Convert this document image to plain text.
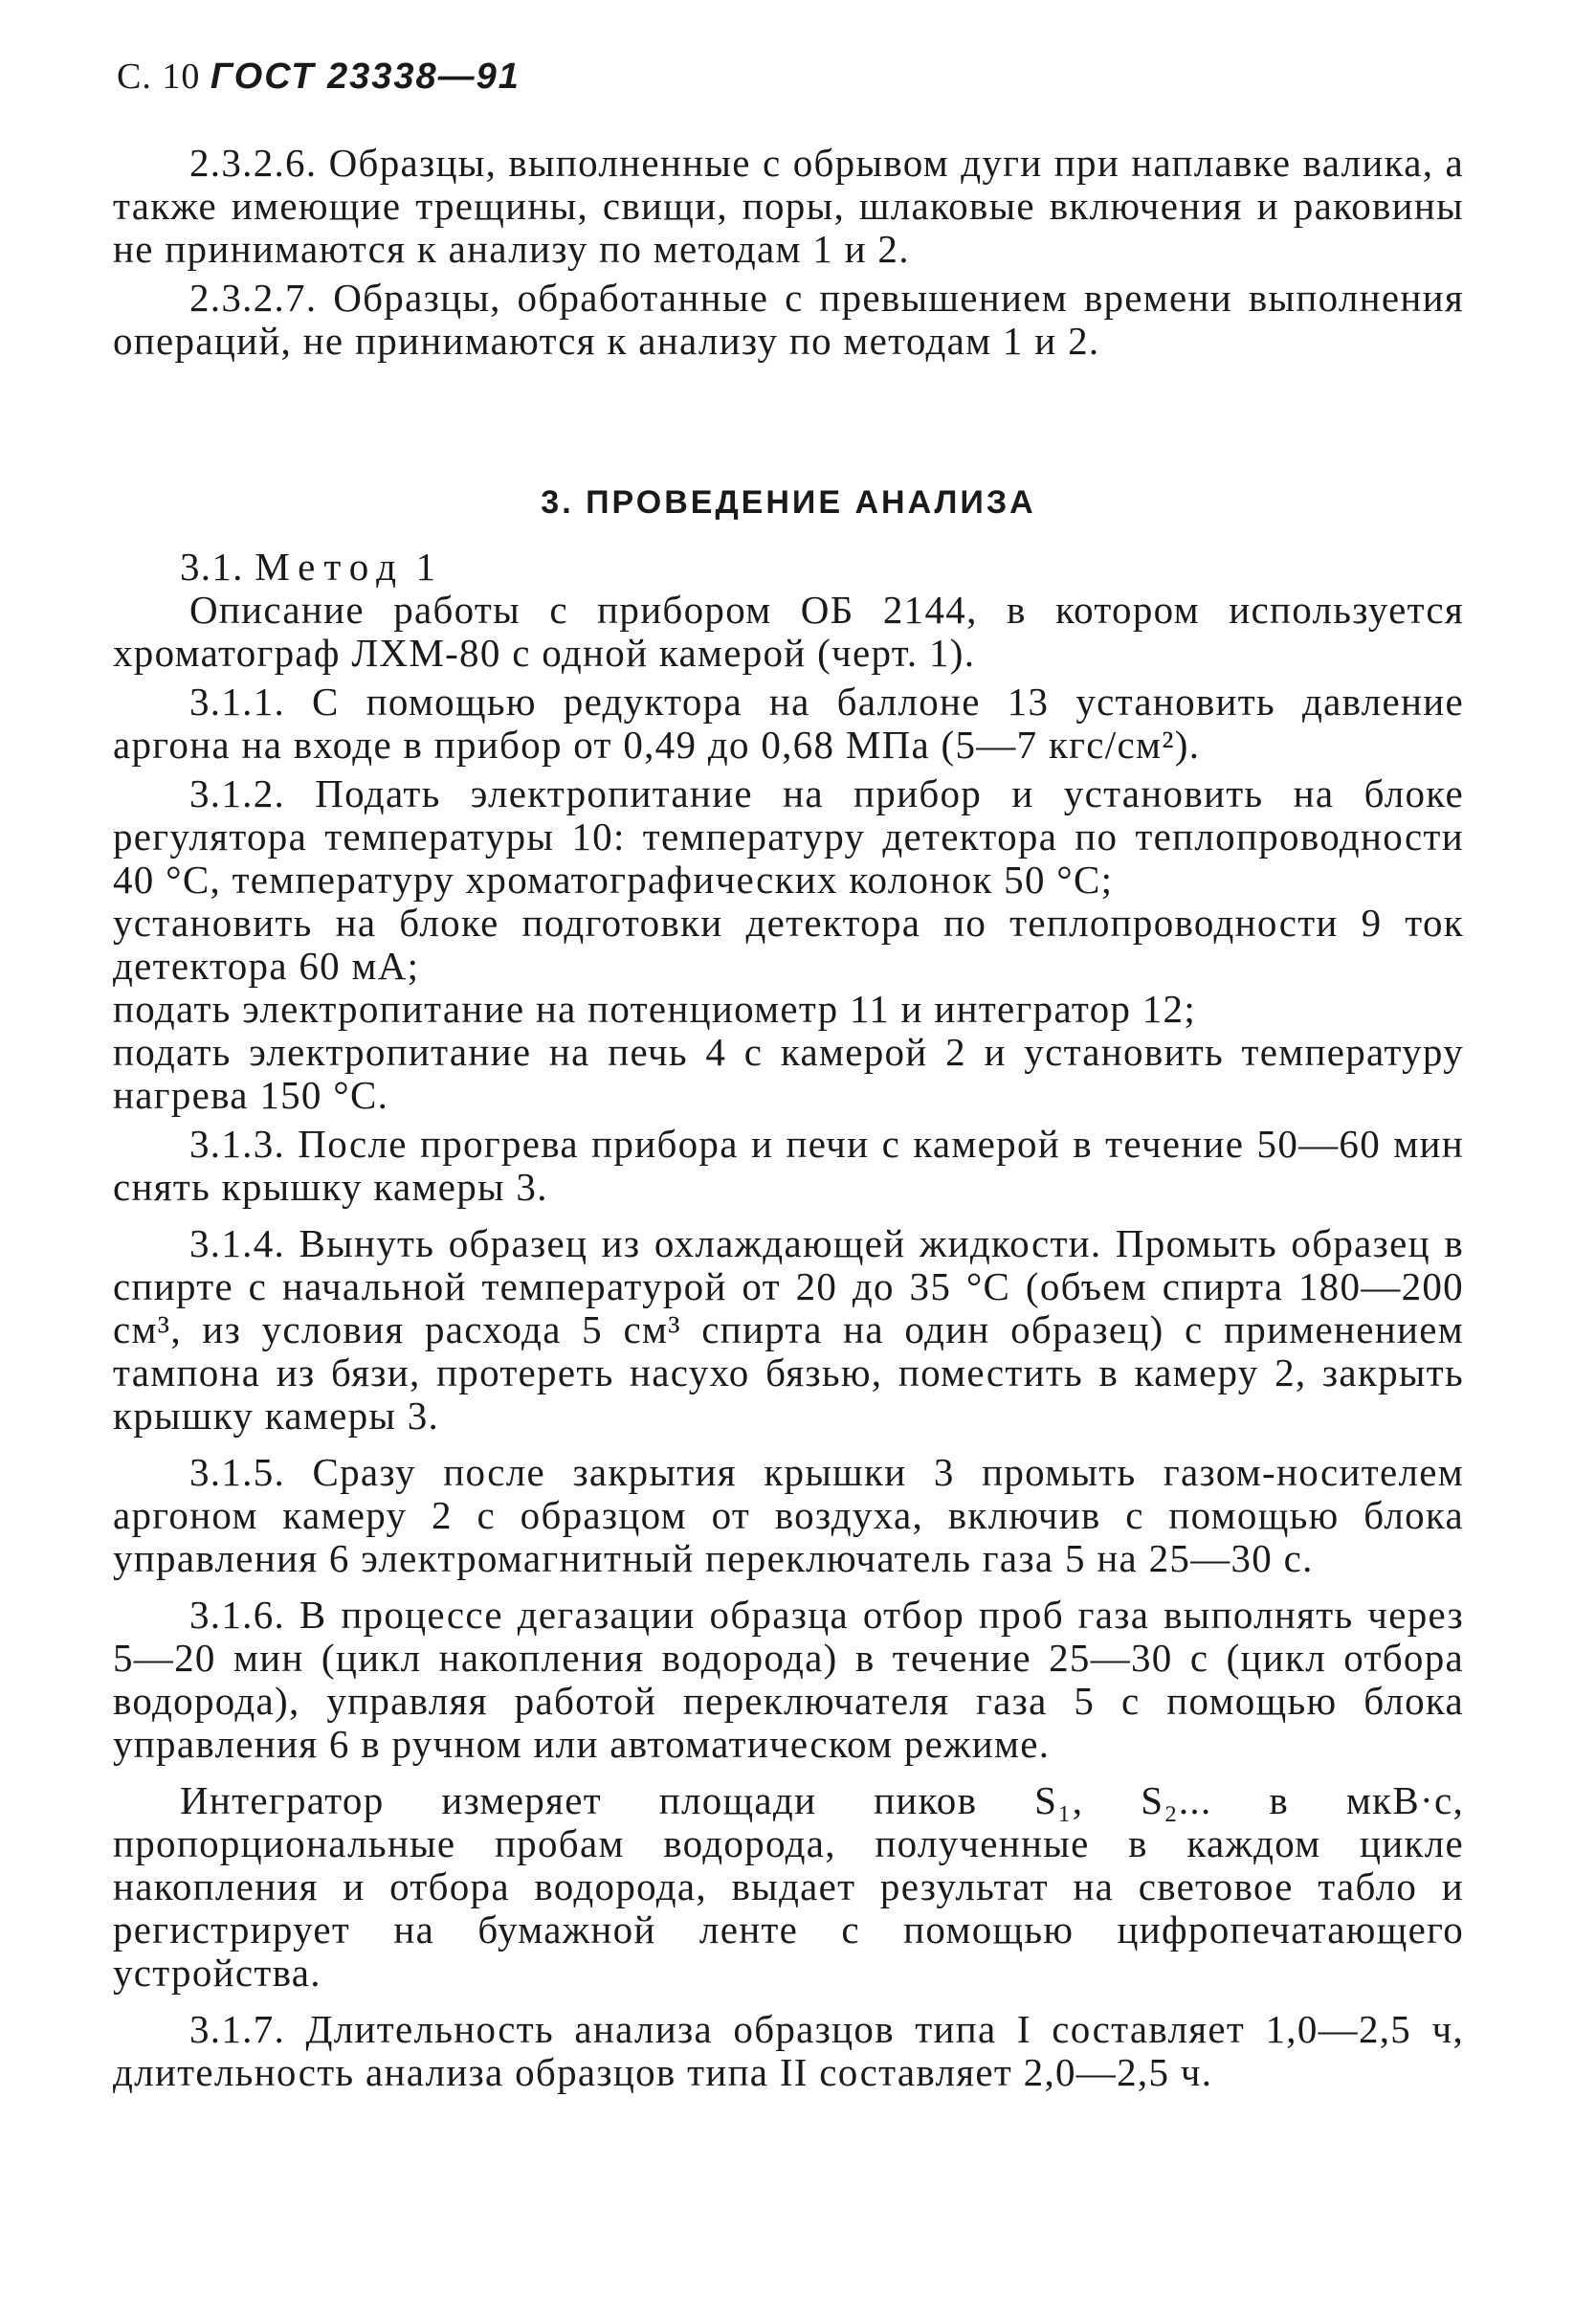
С. 10 ГОСТ 23338—91

2.3.2.6. Образцы, выполненные с обрывом дуги при наплавке валика, а также имеющие трещины, свищи, поры, шлаковые включения и раковины не принимаются к анализу по методам 1 и 2.

2.3.2.7. Образцы, обработанные с превышением времени выполнения операций, не принимаются к анализу по методам 1 и 2.

3. ПРОВЕДЕНИЕ АНАЛИЗА

3.1. Метод 1

Описание работы с прибором ОБ 2144, в котором используется хроматограф ЛХМ-80 с одной камерой (черт. 1).

3.1.1. С помощью редуктора на баллоне 13 установить давление аргона на входе в прибор от 0,49 до 0,68 МПа (5—7 кгс/см²).

3.1.2. Подать электропитание на прибор и установить на блоке регулятора температуры 10: температуру детектора по теплопроводности 40 °С, температуру хроматографических колонок 50 °С;

установить на блоке подготовки детектора по теплопроводности 9 ток детектора 60 мА;

подать электропитание на потенциометр 11 и интегратор 12;

подать электропитание на печь 4 с камерой 2 и установить температуру нагрева 150 °С.

3.1.3. После прогрева прибора и печи с камерой в течение 50—60 мин снять крышку камеры 3.

3.1.4. Вынуть образец из охлаждающей жидкости. Промыть образец в спирте с начальной температурой от 20 до 35 °С (объем спирта 180—200 см³, из условия расхода 5 см³ спирта на один образец) с применением тампона из бязи, протереть насухо бязью, поместить в камеру 2, закрыть крышку камеры 3.

3.1.5. Сразу после закрытия крышки 3 промыть газом-носителем аргоном камеру 2 с образцом от воздуха, включив с помощью блока управления 6 электромагнитный переключатель газа 5 на 25—30 с.

3.1.6. В процессе дегазации образца отбор проб газа выполнять через 5—20 мин (цикл накопления водорода) в течение 25—30 с (цикл отбора водорода), управляя работой переключателя газа 5 с помощью блока управления 6 в ручном или автоматическом режиме.

Интегратор измеряет площади пиков S₁, S₂... в мкВ·с, пропорциональные пробам водорода, полученные в каждом цикле накопления и отбора водорода, выдает результат на световое табло и регистрирует на бумажной ленте с помощью цифропечатающего устройства.

3.1.7. Длительность анализа образцов типа I составляет 1,0—2,5 ч, длительность анализа образцов типа II составляет 2,0—2,5 ч.
